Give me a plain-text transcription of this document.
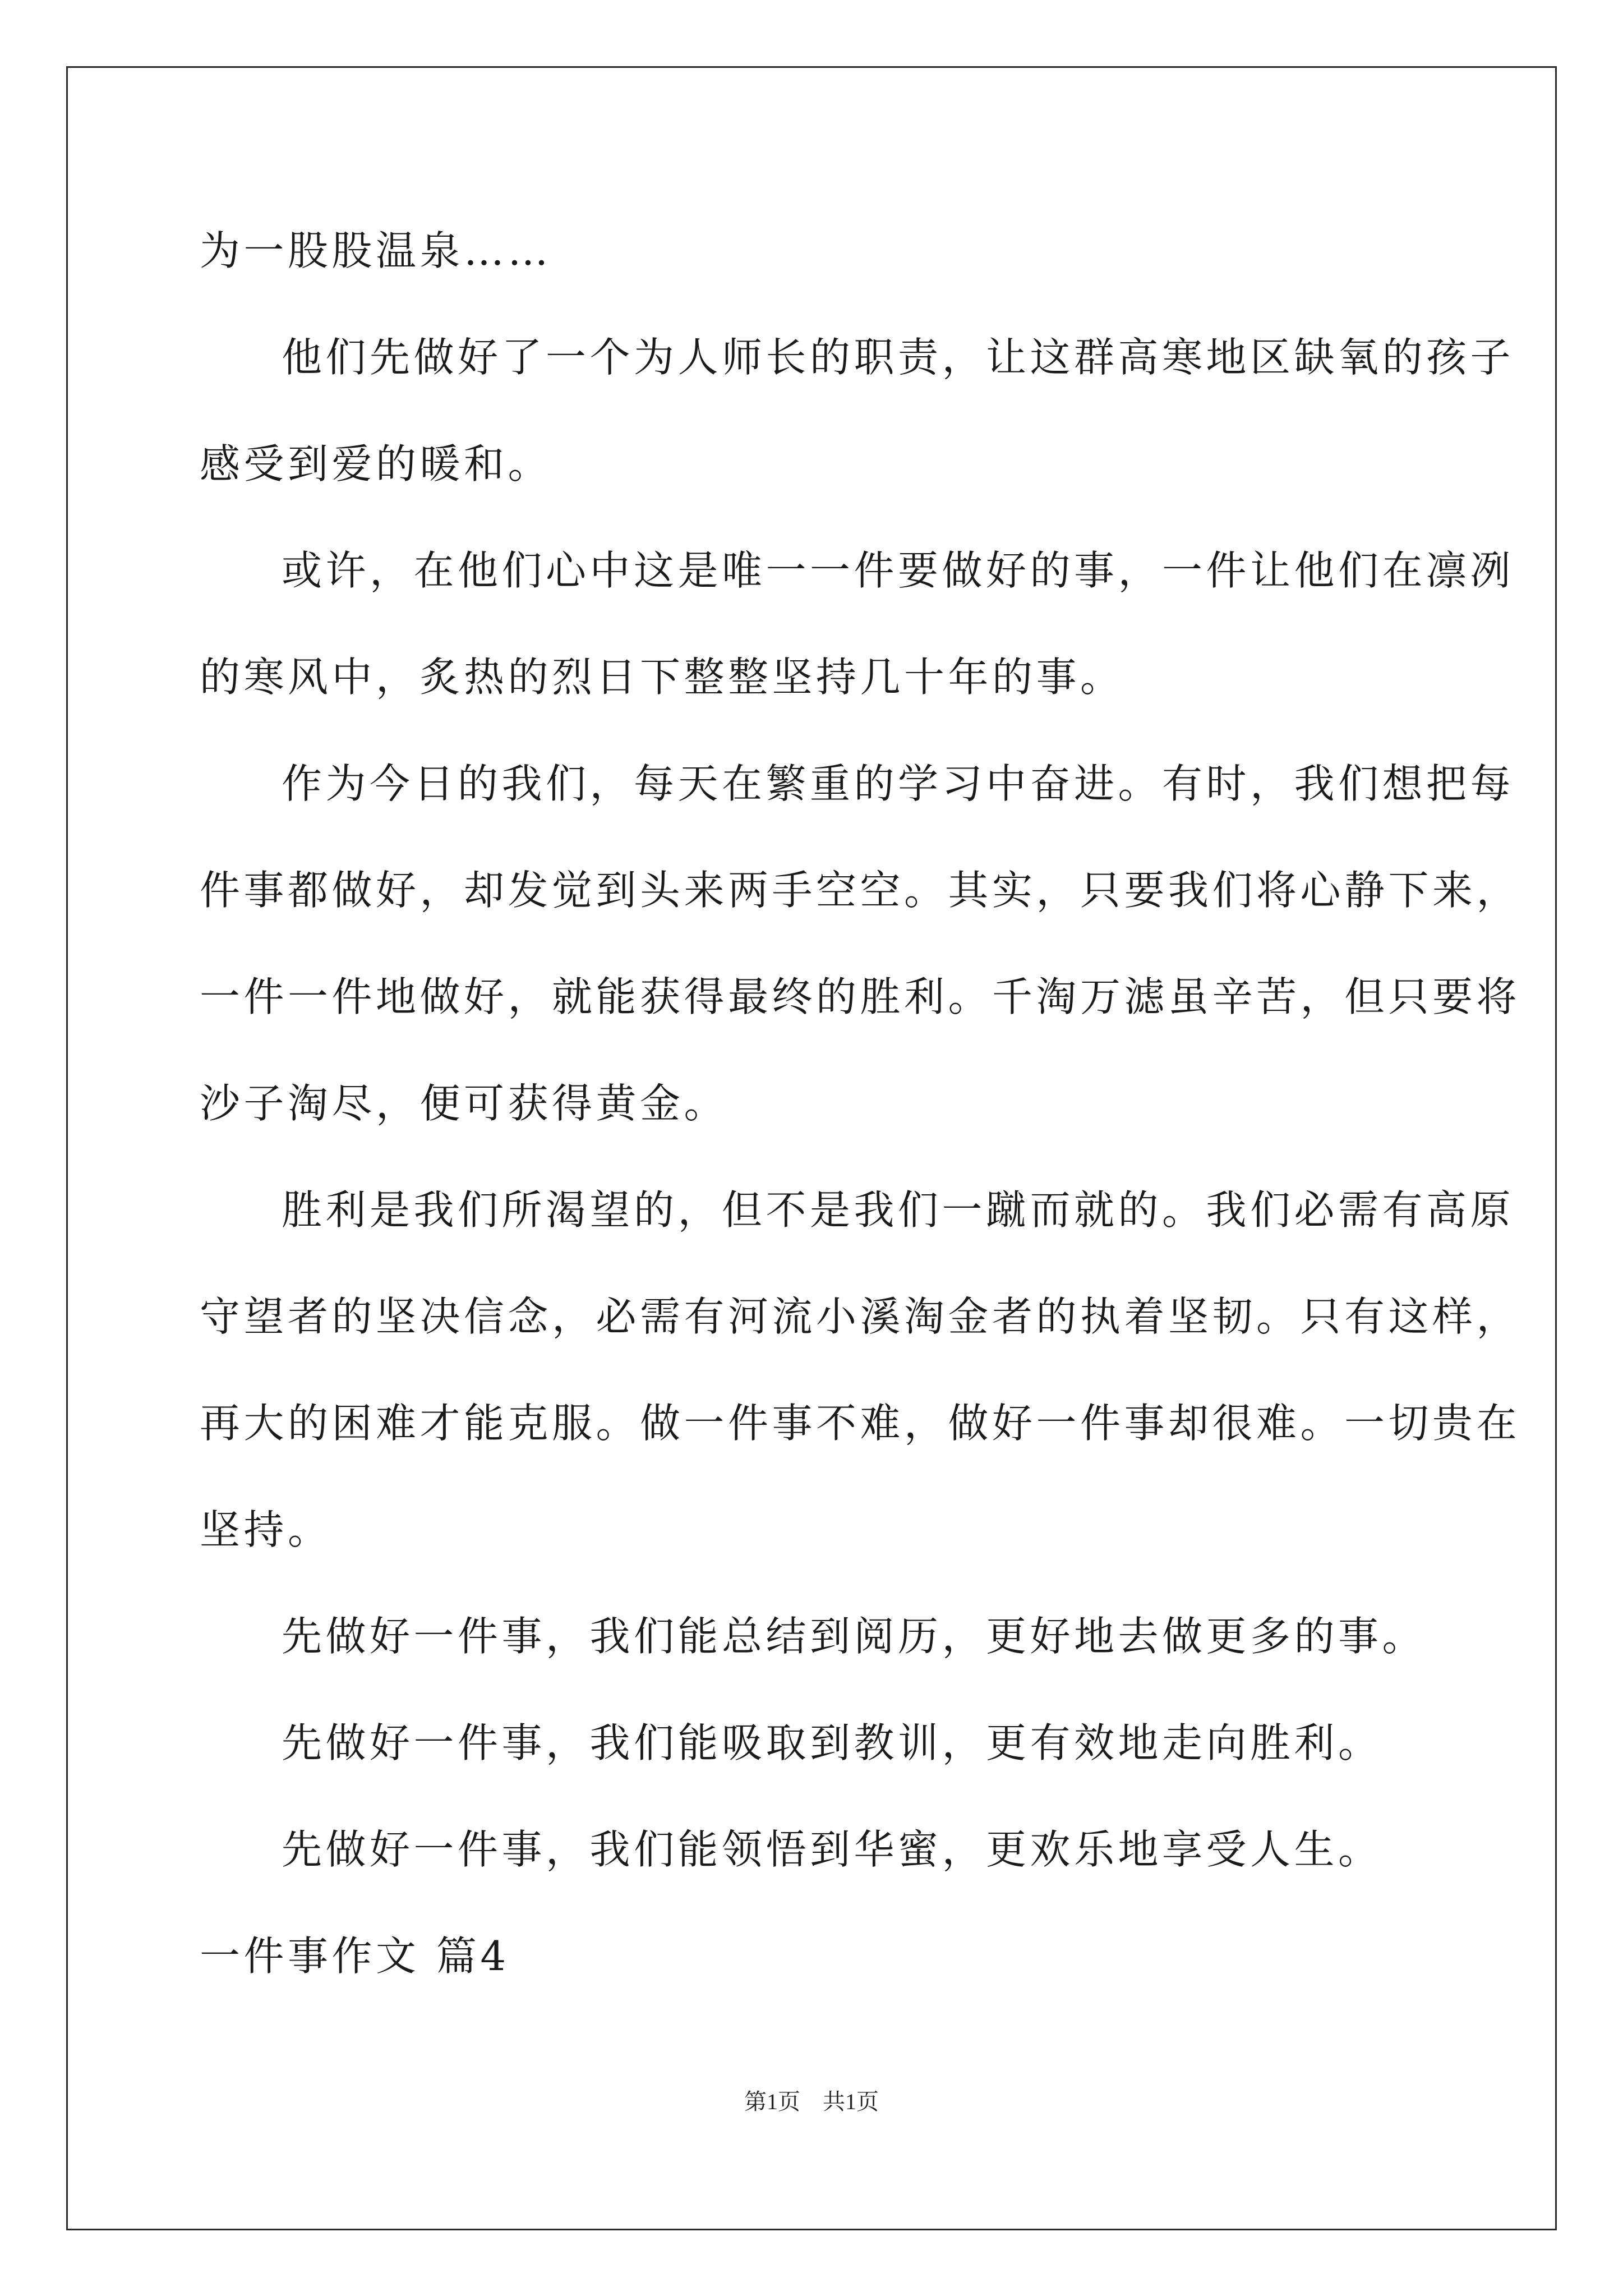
为一股股温泉……
他们先做好了一个为人师长的职责，让这群高寒地区缺氧的孩子
感受到爱的暖和。
或许，在他们心中这是唯一一件要做好的事，一件让他们在凛冽
的寒风中，炙热的烈日下整整坚持几十年的事。
作为今日的我们，每天在繁重的学习中奋进。有时，我们想把每
件事都做好，却发觉到头来两手空空。其实，只要我们将心静下来，
一件一件地做好，就能获得最终的胜利。千淘万滤虽辛苦，但只要将
沙子淘尽，便可获得黄金。
胜利是我们所渴望的，但不是我们一蹴而就的。我们必需有高原
守望者的坚决信念，必需有河流小溪淘金者的执着坚韧。只有这样，
再大的困难才能克服。做一件事不难，做好一件事却很难。一切贵在
坚持。
先做好一件事，我们能总结到阅历，更好地去做更多的事。
先做好一件事，我们能吸取到教训，更有效地走向胜利。
先做好一件事，我们能领悟到华蜜，更欢乐地享受人生。
一件事作文 篇4
第1页　共1页
